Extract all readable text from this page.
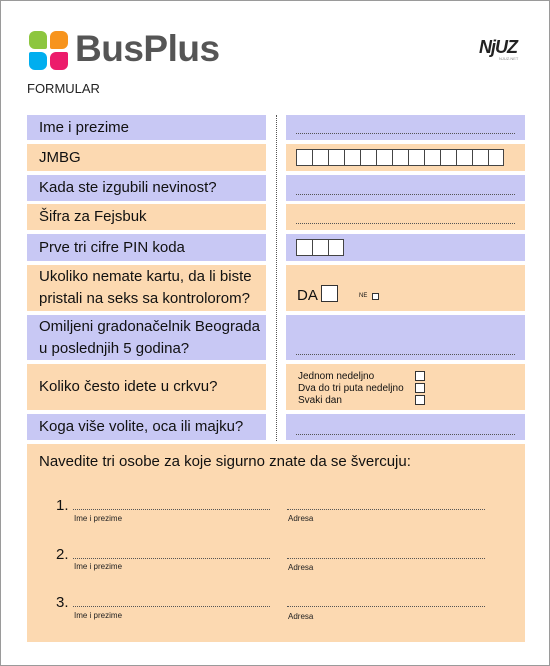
BusPlus
FORMULAR
NjUZ
NJUZ.NET
Ime i prezime
JMBG
Kada ste izgubili nevinost?
Šifra za Fejsbuk
Prve tri cifre PIN koda
Ukoliko nemate kartu, da li biste pristali na seks sa kontrolorom?	DA	NE
Omiljeni gradonačelnik Beograda u poslednjih 5 godina?
Koliko često idete u crkvu?
Jednom nedeljno
Dva do tri puta nedeljno
Svaki dan
Koga više volite, oca ili majku?
Navedite tri osobe za koje sigurno znate da se švercuju:
1.
Ime i prezime	Adresa
2.
Ime i prezime	Adresa
3.
Ime i prezime	Adresa
